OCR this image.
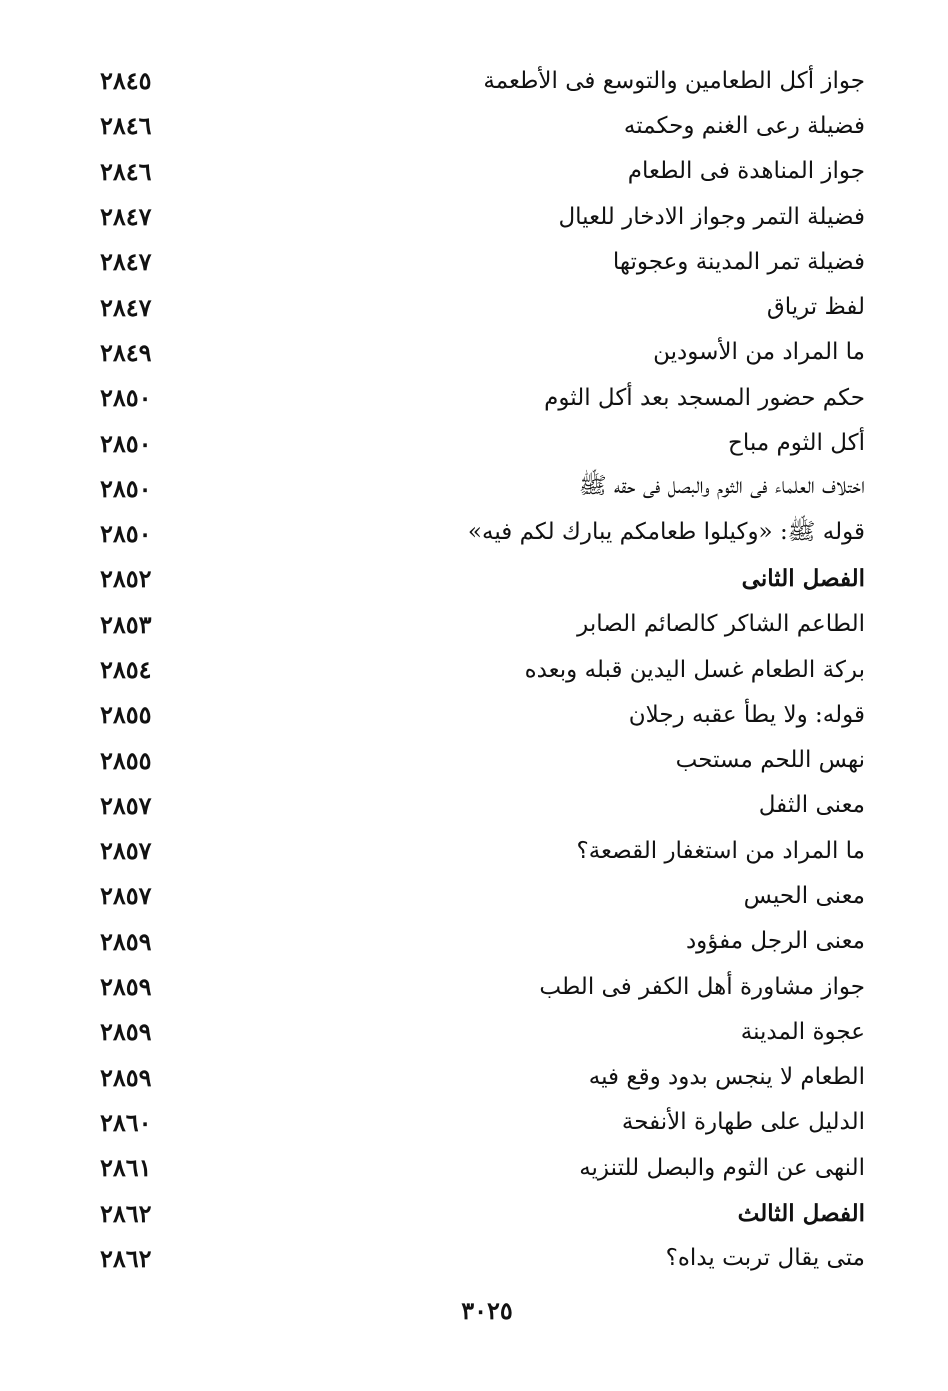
٢٨٤٥	جواز أكل الطعامين والتوسع فى الأطعمة
٢٨٤٦	فضيلة رعى الغنم وحكمته
٢٨٤٦	جواز المناهدة فى الطعام
٢٨٤٧	فضيلة التمر وجواز الادخار للعيال
٢٨٤٧	فضيلة تمر المدينة وعجوتها
٢٨٤٧	لفظ ترياق
٢٨٤٩	ما المراد من الأسودين
٢٨٥٠	حكم حضور المسجد بعد أكل الثوم
٢٨٥٠	أكل الثوم مباح
٢٨٥٠	اختلاف العلماء فى الثوم والبصل فى حقه ﷺ
٢٨٥٠	قوله ﷺ: «وكيلوا طعامكم يبارك لكم فيه»
٢٨٥٢	الفصل الثانى
٢٨٥٣	الطاعم الشاكر كالصائم الصابر
٢٨٥٤	بركة الطعام غسل اليدين قبله وبعده
٢٨٥٥	قوله: ولا يطأ عقبه رجلان
٢٨٥٥	نهس اللحم مستحب
٢٨٥٧	معنى الثفل
٢٨٥٧	ما المراد من استغفار القصعة؟
٢٨٥٧	معنى الحيس
٢٨٥٩	معنى الرجل مفؤود
٢٨٥٩	جواز مشاورة أهل الكفر فى الطب
٢٨٥٩	عجوة المدينة
٢٨٥٩	الطعام لا ينجس بدود وقع فيه
٢٨٦٠	الدليل على طهارة الأنفحة
٢٨٦١	النهى عن الثوم والبصل للتنزيه
٢٨٦٢	الفصل الثالث
٢٨٦٢	متى يقال تربت يداه؟
٣٠٢٥
